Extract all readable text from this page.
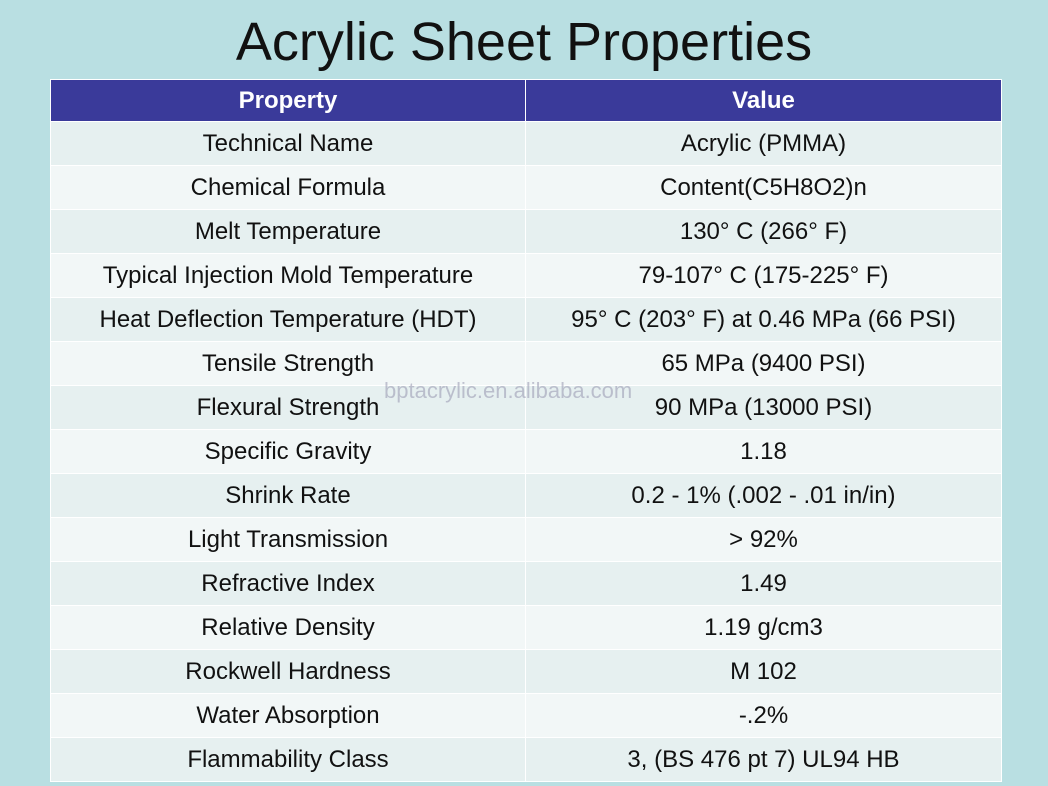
Acrylic Sheet Properties
Property	Value
Technical Name	Acrylic (PMMA)
Chemical Formula	Content(C5H8O2)n
Melt Temperature	130° C (266° F)
Typical Injection Mold Temperature	79-107° C (175-225° F)
Heat Deflection Temperature (HDT)	95° C (203° F) at 0.46 MPa (66 PSI)
Tensile Strength	65 MPa (9400 PSI)
Flexural Strength	90 MPa (13000 PSI)
Specific Gravity	1.18
Shrink Rate	0.2 - 1% (.002 - .01 in/in)
Light Transmission	> 92%
Refractive Index	1.49
Relative Density	1.19 g/cm3
Rockwell Hardness	M 102
Water Absorption	-.2%
Flammability Class	3, (BS 476 pt 7) UL94 HB
bptacrylic.en.alibaba.com
